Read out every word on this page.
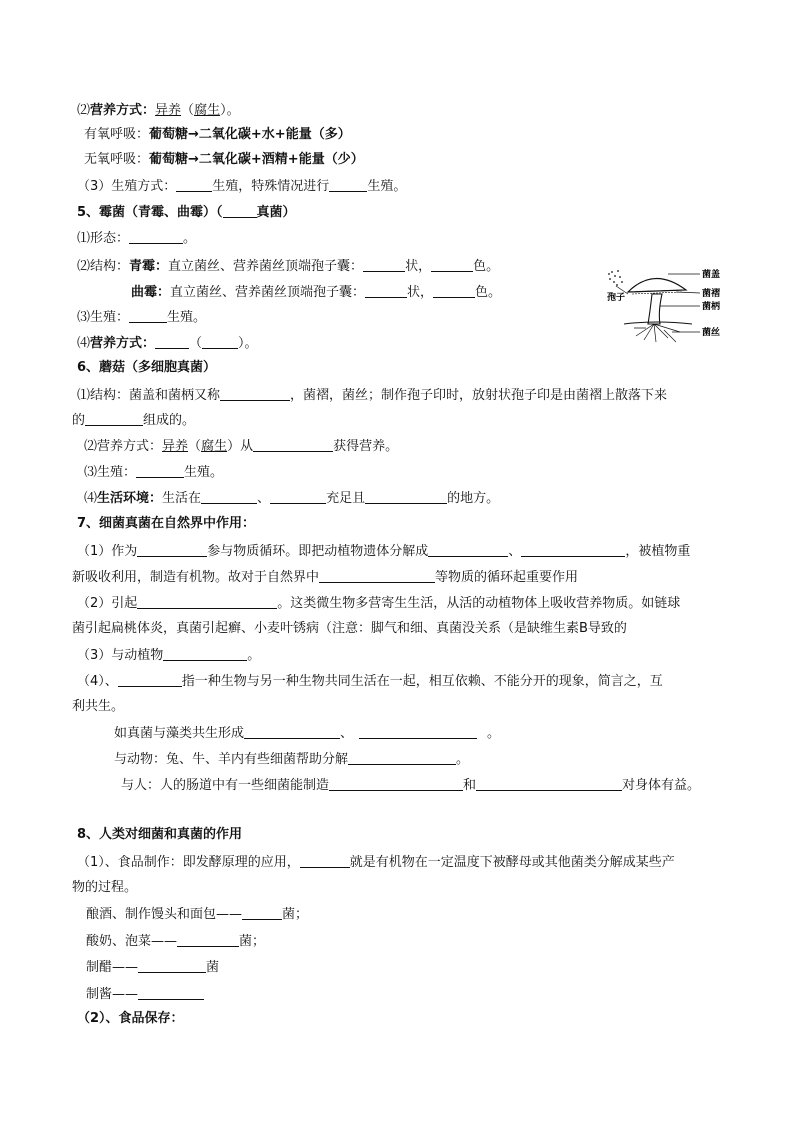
⑵营养方式：异养（腐生）。
有氧呼吸：葡萄糖→二氧化碳+水+能量（多）
无氧呼吸：葡萄糖→二氧化碳+酒精+能量（少）
（3）生殖方式：	生殖，特殊情况进行	生殖。
5、霉菌（青霉、曲霉）（	真菌）
⑴形态：	。
⑵结构：青霉：直立菌丝、营养菌丝顶端孢子囊：	状，	色。
曲霉：直立菌丝、营养菌丝顶端孢子囊：	状，	色。
⑶生殖：	生殖。
⑷营养方式：	（	）。
菌盖
菌褶
菌柄
菌丝
孢子
6、蘑菇（多细胞真菌）
⑴结构：菌盖和菌柄又称	，菌褶，菌丝；制作孢子印时，放射状孢子印是由菌褶上散落下来
的	组成的。
⑵营养方式：异养（腐生）从	获得营养。
⑶生殖：	生殖。
⑷生活环境：生活在	、	充足且	的地方。
7、细菌真菌在自然界中作用：
（1）作为	参与物质循环。即把动植物遗体分解成	、	，被植物重
新吸收利用，制造有机物。故对于自然界中	等物质的循环起重要作用
（2）引起	。这类微生物多营寄生生活，从活的动植物体上吸收营养物质。如链球
菌引起扁桃体炎，真菌引起癣、小麦叶锈病（注意：脚气和细、真菌没关系（是缺维生素B导致的
（3）与动植物	。
（4）、	指一种生物与另一种生物共同生活在一起，相互依赖、不能分开的现象，简言之，互
利共生。
如真菌与藻类共生形成	、	。
与动物：兔、牛、羊内有些细菌帮助分解	。
与人：人的肠道中有一些细菌能制造	和	对身体有益。
8、人类对细菌和真菌的作用
（1）、食品制作：即发酵原理的应用，	就是有机物在一定温度下被酵母或其他菌类分解成某些产
物的过程。
酿酒、制作馒头和面包——	菌；
酸奶、泡菜——	菌；
制醋——	菌
制酱——
（2）、食品保存：
